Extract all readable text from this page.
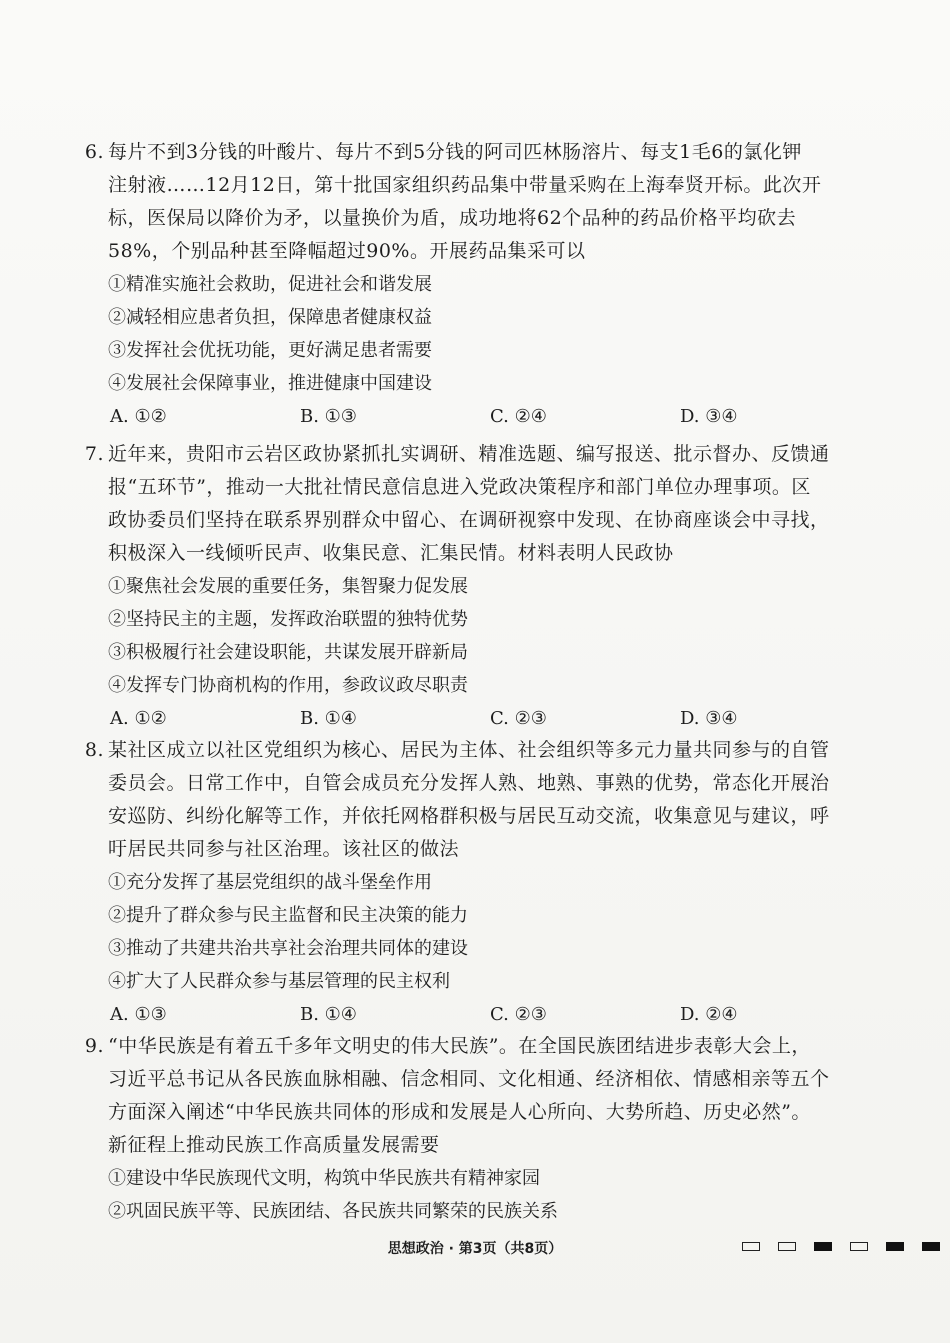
6. 每片不到3分钱的叶酸片、每片不到5分钱的阿司匹林肠溶片、每支1毛6的氯化钾
注射液……12月12日，第十批国家组织药品集中带量采购在上海奉贤开标。此次开
标，医保局以降价为矛，以量换价为盾，成功地将62个品种的药品价格平均砍去
58%，个别品种甚至降幅超过90%。开展药品集采可以
①精准实施社会救助，促进社会和谐发展
②减轻相应患者负担，保障患者健康权益
③发挥社会优抚功能，更好满足患者需要
④发展社会保障事业，推进健康中国建设
A. ①②	B. ①③	C. ②④	D. ③④
7. 近年来，贵阳市云岩区政协紧抓扎实调研、精准选题、编写报送、批示督办、反馈通
报“五环节”，推动一大批社情民意信息进入党政决策程序和部门单位办理事项。区
政协委员们坚持在联系界别群众中留心、在调研视察中发现、在协商座谈会中寻找，
积极深入一线倾听民声、收集民意、汇集民情。材料表明人民政协
①聚焦社会发展的重要任务，集智聚力促发展
②坚持民主的主题，发挥政治联盟的独特优势
③积极履行社会建设职能，共谋发展开辟新局
④发挥专门协商机构的作用，参政议政尽职责
A. ①②	B. ①④	C. ②③	D. ③④
8. 某社区成立以社区党组织为核心、居民为主体、社会组织等多元力量共同参与的自管
委员会。日常工作中，自管会成员充分发挥人熟、地熟、事熟的优势，常态化开展治
安巡防、纠纷化解等工作，并依托网格群积极与居民互动交流，收集意见与建议，呼
吁居民共同参与社区治理。该社区的做法
①充分发挥了基层党组织的战斗堡垒作用
②提升了群众参与民主监督和民主决策的能力
③推动了共建共治共享社会治理共同体的建设
④扩大了人民群众参与基层管理的民主权利
A. ①③	B. ①④	C. ②③	D. ②④
9. “中华民族是有着五千多年文明史的伟大民族”。在全国民族团结进步表彰大会上，
习近平总书记从各民族血脉相融、信念相同、文化相通、经济相依、情感相亲等五个
方面深入阐述“中华民族共同体的形成和发展是人心所向、大势所趋、历史必然”。
新征程上推动民族工作高质量发展需要
①建设中华民族现代文明，构筑中华民族共有精神家园
②巩固民族平等、民族团结、各民族共同繁荣的民族关系
思想政治 · 第3页（共8页）
